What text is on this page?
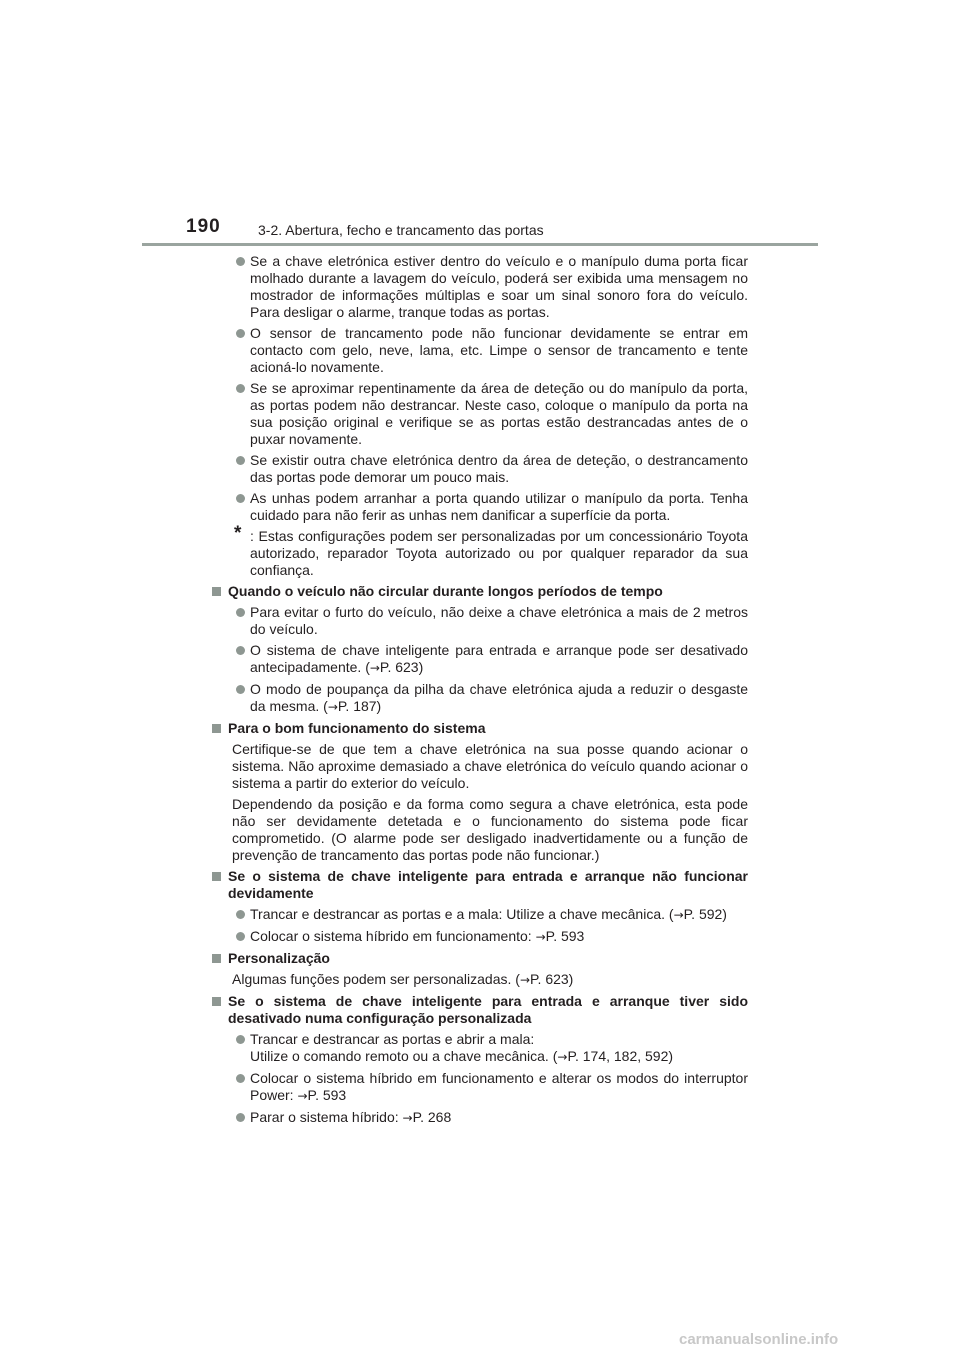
190	3-2. Abertura, fecho e trancamento das portas
Se a chave eletrónica estiver dentro do veículo e o manípulo duma porta ficar molhado durante a lavagem do veículo, poderá ser exibida uma mensagem no mostrador de informações múltiplas e soar um sinal sonoro fora do veículo. Para desligar o alarme, tranque todas as portas.
O sensor de trancamento pode não funcionar devidamente se entrar em contacto com gelo, neve, lama, etc. Limpe o sensor de trancamento e tente acioná-lo novamente.
Se se aproximar repentinamente da área de deteção ou do manípulo da porta, as portas podem não destrancar. Neste caso, coloque o manípulo da porta na sua posição original e verifique se as portas estão destrancadas antes de o puxar novamente.
Se existir outra chave eletrónica dentro da área de deteção, o destrancamento das portas pode demorar um pouco mais.
As unhas podem arranhar a porta quando utilizar o manípulo da porta. Tenha cuidado para não ferir as unhas nem danificar a superfície da porta.
* : Estas configurações podem ser personalizadas por um concessionário Toyota autorizado, reparador Toyota autorizado ou por qualquer reparador da sua confiança.
Quando o veículo não circular durante longos períodos de tempo
Para evitar o furto do veículo, não deixe a chave eletrónica a mais de 2 metros do veículo.
O sistema de chave inteligente para entrada e arranque pode ser desativado antecipadamente. (→P. 623)
O modo de poupança da pilha da chave eletrónica ajuda a reduzir o desgaste da mesma. (→P. 187)
Para o bom funcionamento do sistema
Certifique-se de que tem a chave eletrónica na sua posse quando acionar o sistema. Não aproxime demasiado a chave eletrónica do veículo quando acionar o sistema a partir do exterior do veículo.
Dependendo da posição e da forma como segura a chave eletrónica, esta pode não ser devidamente detetada e o funcionamento do sistema pode ficar comprometido. (O alarme pode ser desligado inadvertidamente ou a função de prevenção de trancamento das portas pode não funcionar.)
Se o sistema de chave inteligente para entrada e arranque não funcionar devidamente
Trancar e destrancar as portas e a mala: Utilize a chave mecânica. (→P. 592)
Colocar o sistema híbrido em funcionamento: →P. 593
Personalização
Algumas funções podem ser personalizadas. (→P. 623)
Se o sistema de chave inteligente para entrada e arranque tiver sido desativado numa configuração personalizada
Trancar e destrancar as portas e abrir a mala:
Utilize o comando remoto ou a chave mecânica. (→P. 174, 182, 592)
Colocar o sistema híbrido em funcionamento e alterar os modos do interruptor Power: →P. 593
Parar o sistema híbrido: →P. 268
carmanualsonline.info
